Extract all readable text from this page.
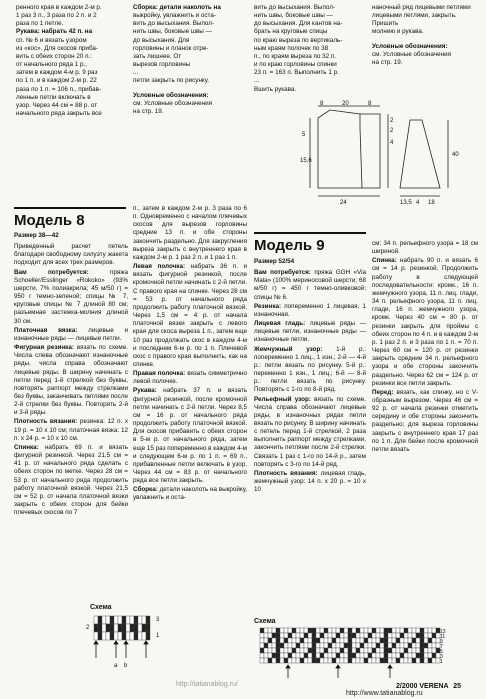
ренного края в каждом 2-м р.
1 раз 3 п., 3 раза по 2 п. и 2
раза по 1 петле.
Рукава: набрать 42 п. на
сп. № 6 и вязать узором
из «кос». Для скосов приба-
вить с обеих сторон 20 п.:
от начального ряда 1 р.,
затем в каждом 4-м р. 9 раз
по 1 п. и в каждом 2-м р. 22
раза по 1 п. = 106 п., прибав-
ленные петли включать в
узор. Через 44 см = 88 р. от
начального ряда закрыть все

Сборка: детали наколоть на
выкройку, увлажнить и оста-
вить до высыхания. Выпол-
нить швы, боковые швы —
до высыхания. Для
горловины и планок отре-
зать лишнее. От
вырезов горловины
...
петли закрыть по рисунку.

Условные обозначения:
см. Условные обозначения
на стр. 19.

вить до высыхания. Выпол-
нить швы, боковые швы —
до высыхания. Для кантов на-
брать на круговые спицы
по краю выреза по вертикаль-
ным краям полочек по 38
п., по краям выреза по 32 п.
и по краю горловины спинки
23 п. = 163 п. Выполнить 1 р.
...
Вшить рукава.

наночный ряд лицевыми петлями
лицевыми петлями, закрыть.
Пришить
молнию и рукава.

Условные обозначения:
см. Условные обозначения
на стр. 19.

8	20	8
2
2
4
5
15,6
24	13,5 4 18
40
Модель 8

Размер 38—42

Приведенный расчет петель благодаря свободному силуэту жакета подходит для всех трех размеров.

Вам потребуется:	пряжа Schoeller/Esslinger «Rokoko» (93% шерсти, 7% полиакрила; 45 м/50 г) = 950 г темно-зеленой; спицы № 7, круговые спицы № 7 длиной 80 см; разъемная застежка-молния длиной 30 см.

Платочная вязка: лицевые и изнаночные ряды — лицевые петли.

Фигурная резинка: вязать по схеме. Числа слева обозначают изнаночные ряды, числа справа обозначают лицевые ряды. В ширину начинать с петли перед 1-й стрелкой без буквы, повторять раппорт между стрелками без буквы, заканчивать петлями после 2-й стрелки без буквы. Повторять 2-й и 3-й ряды.

Плотность вязания: резинка: 12 п. x 19 р. = 10 x 10 см; платочная вязка: 12 п. x 24 р. = 10 x 10 см.

Спинка: набрать 69 п. и вязать фигурной резинкой. Через 21,5 см = 41 р. от начального ряда сделать с обеих сторон по метке. Через 28 см = 53 р. от начального ряда продолжить работу платочной вязкой. Через 21,5 см = 52 р. от начала платочной вязки закрыть с обеих сторон для бейки плечевых скосов по 7

п., затем в каждом 2-м р. 3 раза по 6 п. Одновременно с началом плечевых скосов для вырезов горловины средние 13 п. и обе стороны закончить раздельно. Для закругления выреза закрыть с внутреннего края в каждом 2-м р. 1 раз 2 п. и 1 раз 1 п.

Левая полочка: набрать 36 п. и вязать фигурной резинкой, после кромочной петли начинать с 2-й петли. С правого края на спинке. Через 28 см = 53 р. от начального ряда продолжить работу платочной вязкой. Через 1,5 см = 4 р. от начала платочной вязки закрыть с левого края для скоса выреза 1 п., затем еще 10 раз продолжать скос в каждом 4-м и последнем 6-м р. по 1 п. Плечевой скос с правого края выполнить, как на спинке.

Правая полочка: вязать симметрично левой полочке.

Рукава: набрать 37 п. и вязать фигурной резинкой, после кромочной петли начинать с 2-й петли. Через 8,5 см = 16 р. от начального ряда продолжить работу платочной вязкой. Для скосов прибавить с обеих сторон в 5-м р. от начального ряда, затем еще 15 раз попеременно в каждом 4-м и следующем 6-м р. по 1 п. = 69 п., прибавленные петли включать в узор. Через 44 см = 83 р. от начального ряда все петли закрыть.

Сборка: детали наколоть на выкройку, увлажнить и оста-

Модель 9

Размер 52/54

Вам потребуется: пряжа GGH «Via Mala» (100% мериносовой шерсти; 68 м/50 г) = 450 г темно-оливковой; спицы № 6.

Резинка: попеременно 1 лицевая, 1 изнаночная.

Лицевая гладь: лицевые ряды — лицевые петли, изнаночные ряды — изнаночные петли.

Жемчужный узор: 1-й р.: попеременно 1 лиц., 1 изн.; 2-й — 4-й р.: петли вязать по рисунку. 5-й р.: переменно 1 изн., 1 лиц.; 6-й — 8-й р.: петли вязать по рисунку. Повторять с 1-го по 8-й ряд.

Рельефный узор: вязать по схеме. Числа справа обозначают лицевые ряды, в изнаночных рядах петли вязать по рисунку. В ширину начинать с петель перед 1-й стрелкой, 2 раза выполнить раппорт между стрелками, закончить петлями после 2-й стрелки. Связать 1 раз с 1-го по 14-й р., затем повторять с 3-го по 14-й ряд.

Плотность вязания: лицевая гладь, жемчужный узор: 14 п. x 20 р. = 10 x 10

см; 34 п. рельефного узора = 18 см шириной.

Спинка: набрать 90 п. и вязать 6 см = 14 р. резинкой. Продолжить работу в следующей последовательности: кромк., 16 п. жемчужного узора, 11 п. лиц. глади, 34 п. рельефного узора, 11 п. лиц. глади, 16 п. жемчужного узора, кромк. Через 40 см = 80 р. от резинки закрыть для проймы с обеих сторон по 4 п. и в каждом 2-м р. 1 раз 2 п. и 3 раза по 1 п. = 70 п. Через 60 см = 120 р. от резинки закрыть средние 34 п. рельефного узора и обе стороны закончить раздельно. Через 62 см = 124 р. от резинки все петли закрыть.

Перед: вязать, как спинку, но с V-образным вырезом. Через 46 см = 92 р. от начала резинки отметить середину и обе стороны закончить раздельно; для выреза горловины закрыть с внутреннего края 17 раз по 1 п. Для бейки после кромочной петли вязать

Схема
3
2
1
a b
Схема
13
11
9
7
5
3
1
2/2000 VERENA 25
http://tatianablog.ru/
http://www.tatianablog.ru
